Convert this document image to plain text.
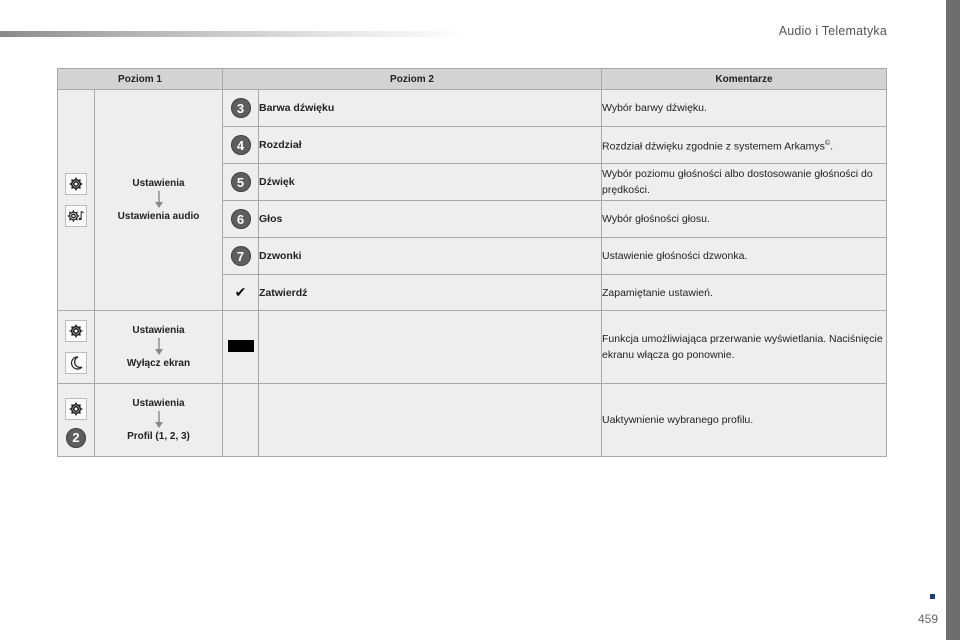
Audio i Telematyka
459
Poziom 1		Poziom 2		Komentarze

Ustawienia
Ustawienia audio	3	Barwa dźwięku	Wybór barwy dźwięku.
		4	Rozdział	Rozdział dźwięku zgodnie z systemem Arkamys©.
		5	Dźwięk	Wybór poziomu głośności albo dostosowanie głośności do prędkości.
		6	Głos	Wybór głośności głosu.
		7	Dzwonki	Ustawienie głośności dzwonka.
		✔	Zatwierdź	Zapamiętanie ustawień.

Ustawienia
Wyłącz ekran			Funkcja umożliwiająca przerwanie wyświetlania. Naciśnięcie ekranu włącza go ponownie.

2	Ustawienia
Profil (1, 2, 3)			Uaktywnienie wybranego profilu.
